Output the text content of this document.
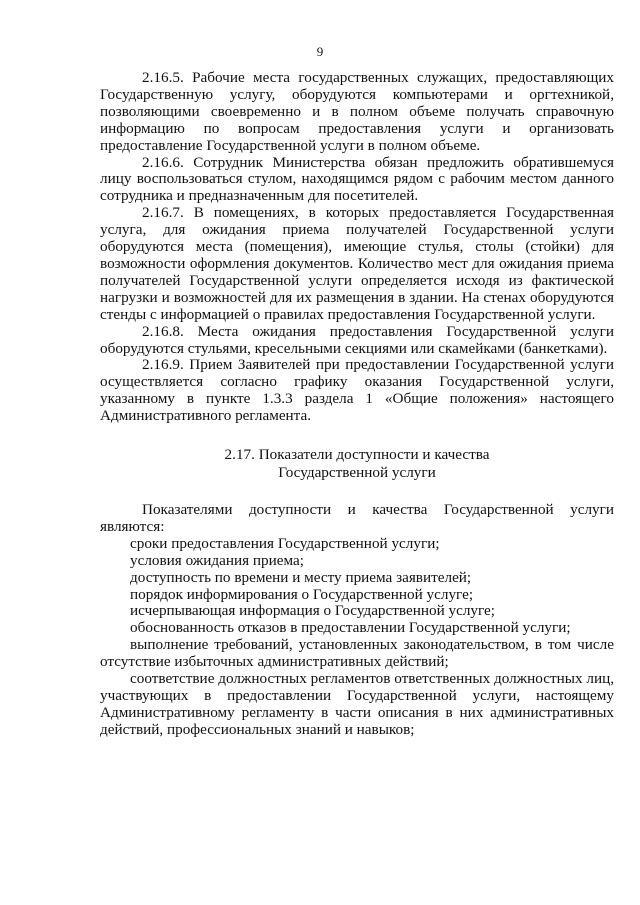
9

2.16.5. Рабочие места государственных служащих, предоставляющих Государственную услугу, оборудуются компьютерами и оргтехникой, позволяющими своевременно и в полном объеме получать справочную информацию по вопросам предоставления услуги и организовать предоставление Государственной услуги в полном объеме.

2.16.6. Сотрудник Министерства обязан предложить обратившемуся лицу воспользоваться стулом, находящимся рядом с рабочим местом данного сотрудника и предназначенным для посетителей.

2.16.7. В помещениях, в которых предоставляется Государственная услуга, для ожидания приема получателей Государственной услуги оборудуются места (помещения), имеющие стулья, столы (стойки) для возможности оформления документов. Количество мест для ожидания приема получателей Государственной услуги определяется исходя из фактической нагрузки и возможностей для их размещения в здании. На стенах оборудуются стенды с информацией о правилах предоставления Государственной услуги.

2.16.8. Места ожидания предоставления Государственной услуги оборудуются стульями, кресельными секциями или скамейками (банкетками).

2.16.9. Прием Заявителей при предоставлении Государственной услуги осуществляется согласно графику оказания Государственной услуги, указанному в пункте 1.3.3 раздела 1 «Общие положения» настоящего Административного регламента.

2.17. Показатели доступности и качества
Государственной услуги

Показателями доступности и качества Государственной услуги являются:

сроки предоставления Государственной услуги;

условия ожидания приема;

доступность по времени и месту приема заявителей;

порядок информирования о Государственной услуге;

исчерпывающая информация о Государственной услуге;

обоснованность отказов в предоставлении Государственной услуги;

выполнение требований, установленных законодательством, в том числе отсутствие избыточных административных действий;

соответствие должностных регламентов ответственных должностных лиц, участвующих в предоставлении Государственной услуги, настоящему Административному регламенту в части описания в них административных действий, профессиональных знаний и навыков;
